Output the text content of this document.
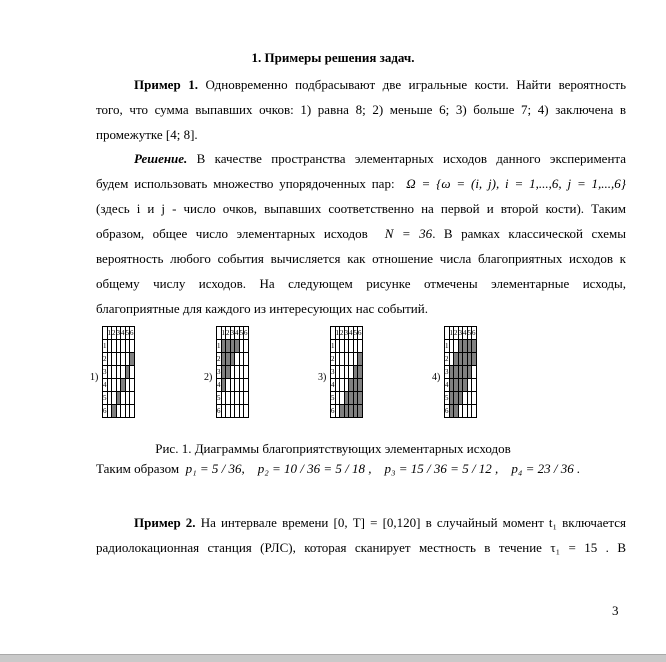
1. Примеры решения задач.
Пример 1. Одновременно подбрасывают две игральные кости. Найти вероятность
того, что сумма выпавших очков: 1) равна 8; 2) меньше 6; 3) больше 7; 4) заключена в
промежутке [4; 8].
Решение. В качестве пространства элементарных исходов данного эксперимента
будем использовать множество упорядоченных пар: Ω = {ω = (i, j), i = 1,...,6, j = 1,...,6}
(здесь i и j - число очков, выпавших соответственно на первой и второй кости). Таким
образом, общее число элементарных исходов N = 36. В рамках классической схемы
вероятность любого события вычисляется как отношение числа благоприятных исходов к
общему числу исходов. На следующем рисунке отмечены элементарные исходы,
благоприятные для каждого из интересующих нас событий.
1)
	1	2	3	4	5	6
1						
2						
3						
4						
5						
6						
2)
	1	2	3	4	5	6
1						
2						
3						
4						
5						
6						
3)
	1	2	3	4	5	6
1						
2						
3						
4						
5						
6						
4)
	1	2	3	4	5	6
1						
2						
3						
4						
5						
6						
Рис. 1. Диаграммы благоприятствующих элементарных исходов
Таким образом p₁ = 5 / 36, p₂ = 10 / 36 = 5 / 18 , p₃ = 15 / 36 = 5 / 12 , p₄ = 23 / 36 .
Пример 2. На интервале времени [0, T] = [0,120] в случайный момент t₁ включается
радиолокационная станция (РЛС), которая сканирует местность в течение τ₁ = 15 . В
3
